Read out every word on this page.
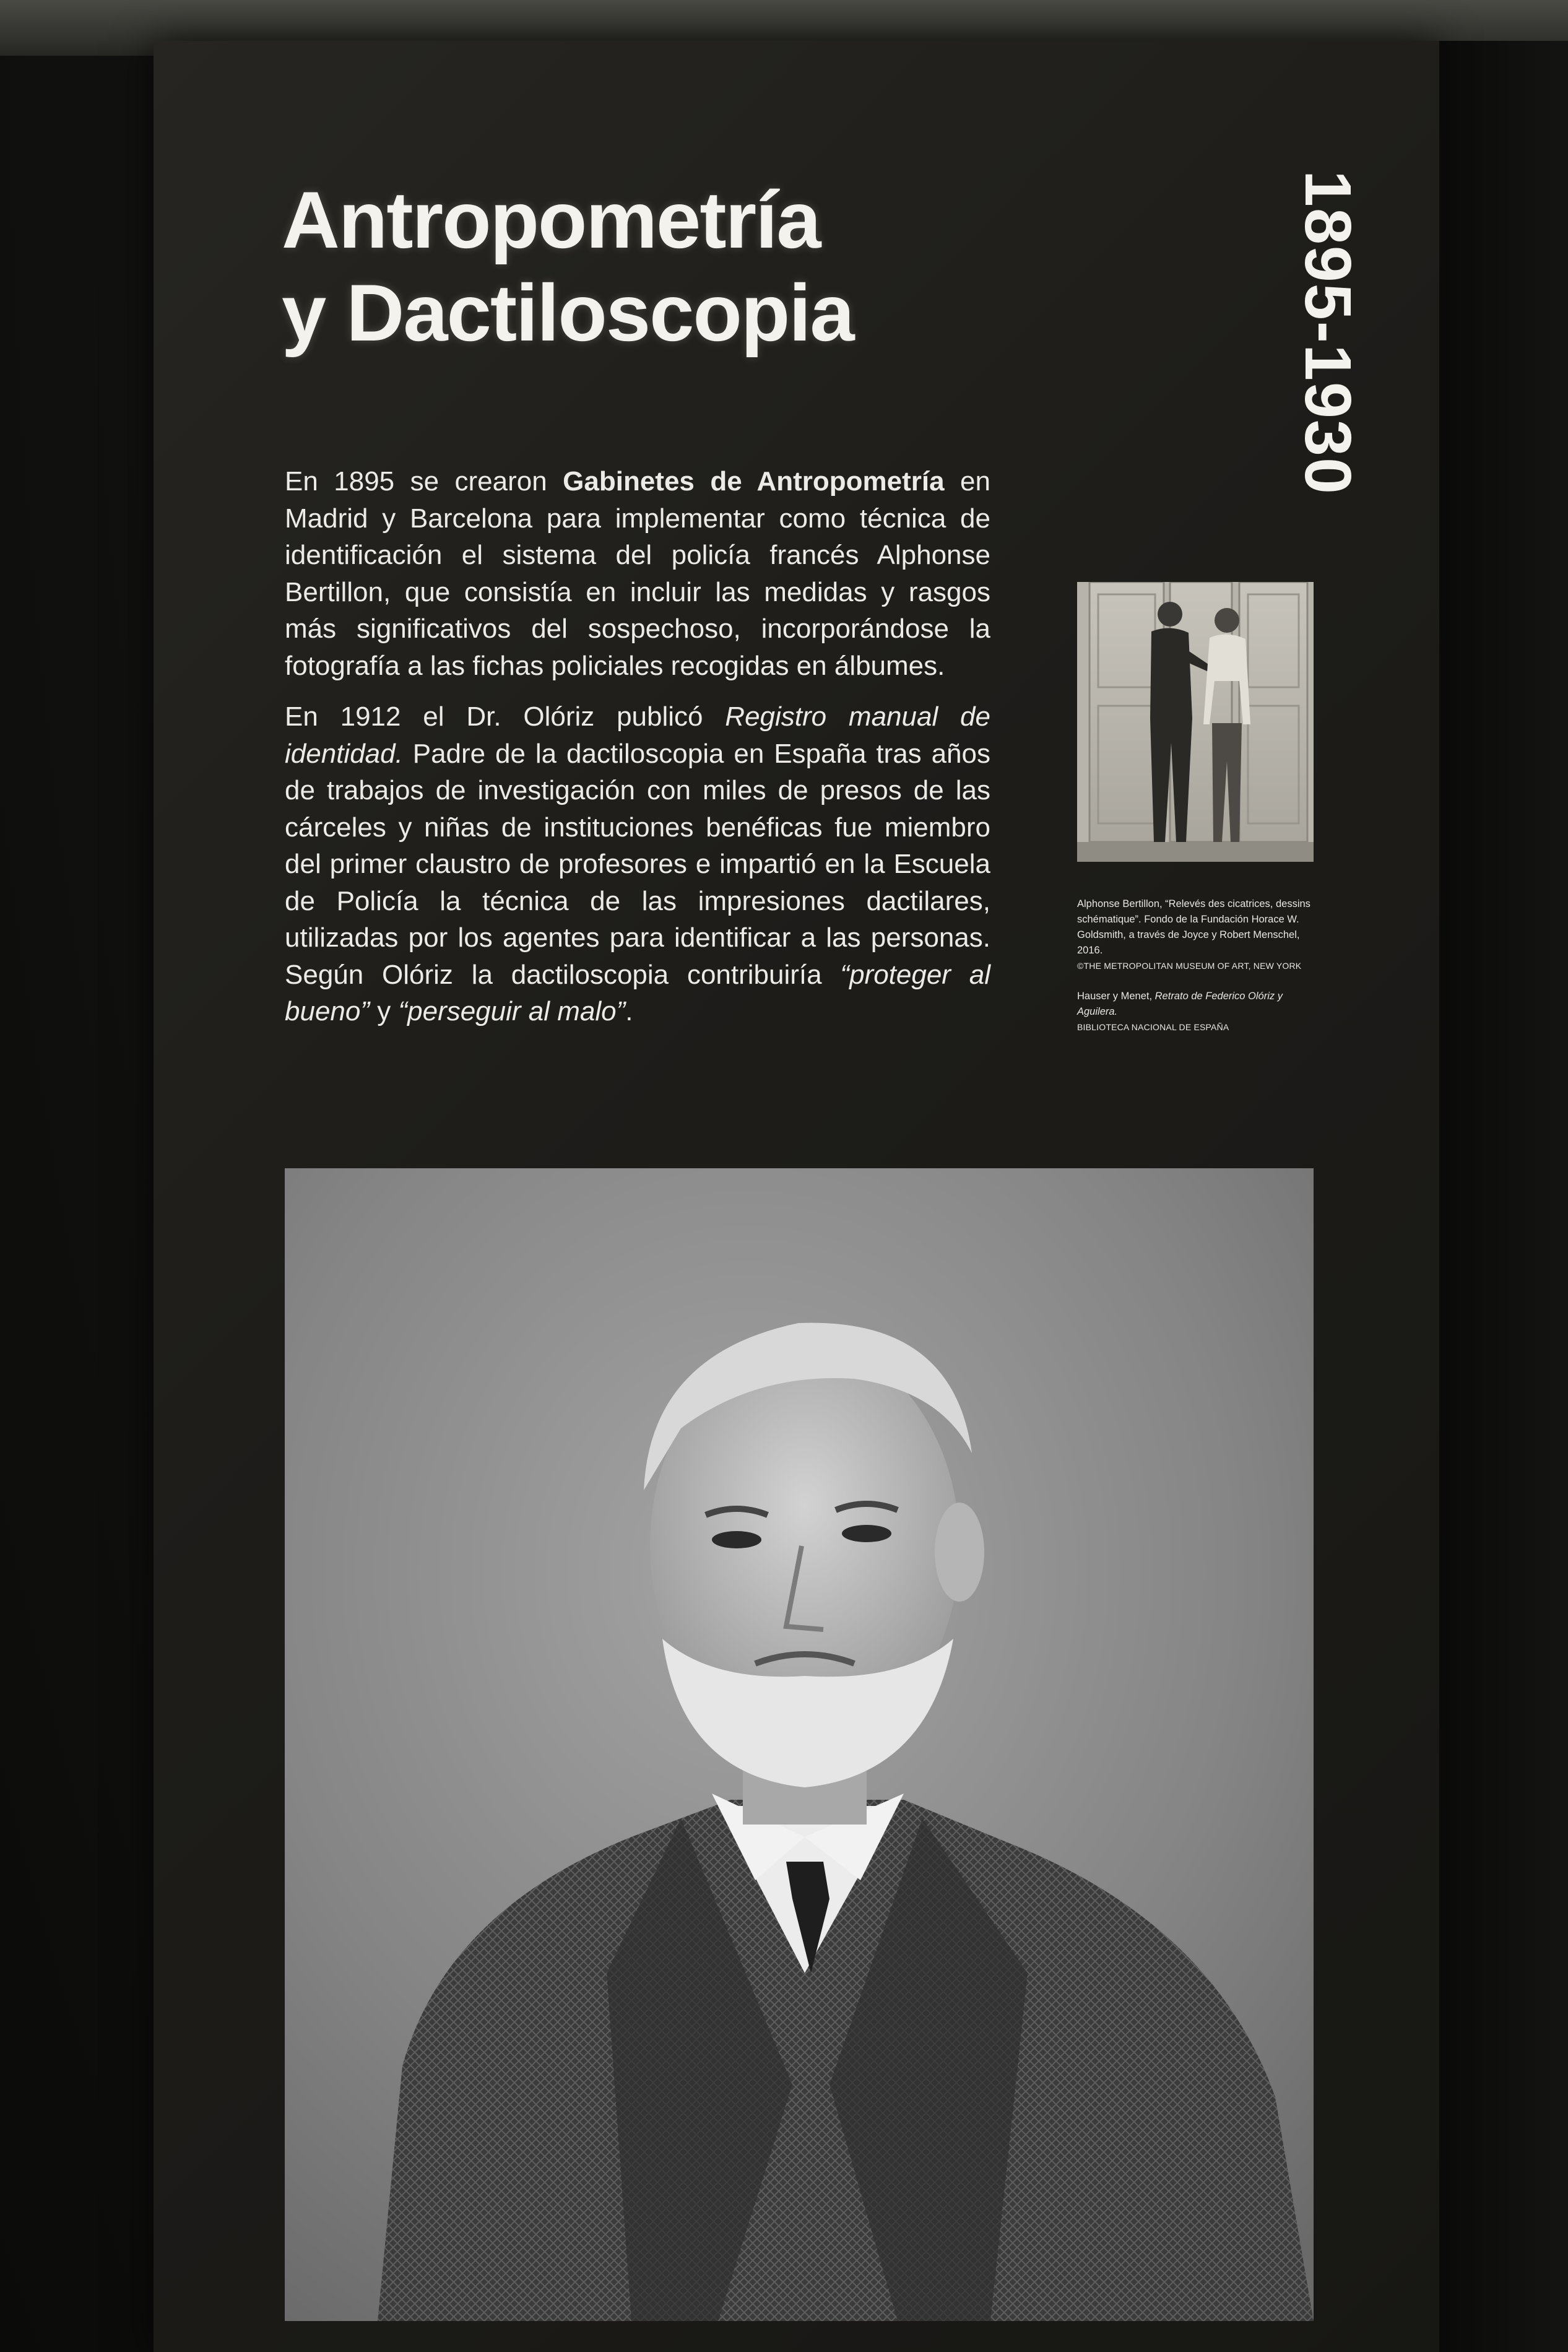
Antropometría
y Dactiloscopia	1895-1930

En 1895 se crearon Gabinetes de Antropometría en Madrid y Barcelona para implementar como técnica de identificación el sistema del policía francés Alphonse Bertillon, que consistía en incluir las medidas y rasgos más significativos del sospechoso, incorporándose la fotografía a las fichas policiales recogidas en álbumes.

En 1912 el Dr. Olóriz publicó Registro manual de identidad. Padre de la dactiloscopia en España tras años de trabajos de investigación con miles de presos de las cárceles y niñas de instituciones benéficas fue miembro del primer claustro de profesores e impartió en la Escuela de Policía la técnica de las impresiones dactilares, utilizadas por los agentes para identificar a las personas. Según Olóriz la dactiloscopia contribuiría “proteger al bueno” y “perseguir al malo”.

Alphonse Bertillon, “Relevés des cicatrices, dessins schématique”. Fondo de la Fundación Horace W. Goldsmith, a través de Joyce y Robert Menschel, 2016.
©THE METROPOLITAN MUSEUM OF ART, NEW YORK

Hauser y Menet, Retrato de Federico Olóriz y Aguilera.
BIBLIOTECA NACIONAL DE ESPAÑA
